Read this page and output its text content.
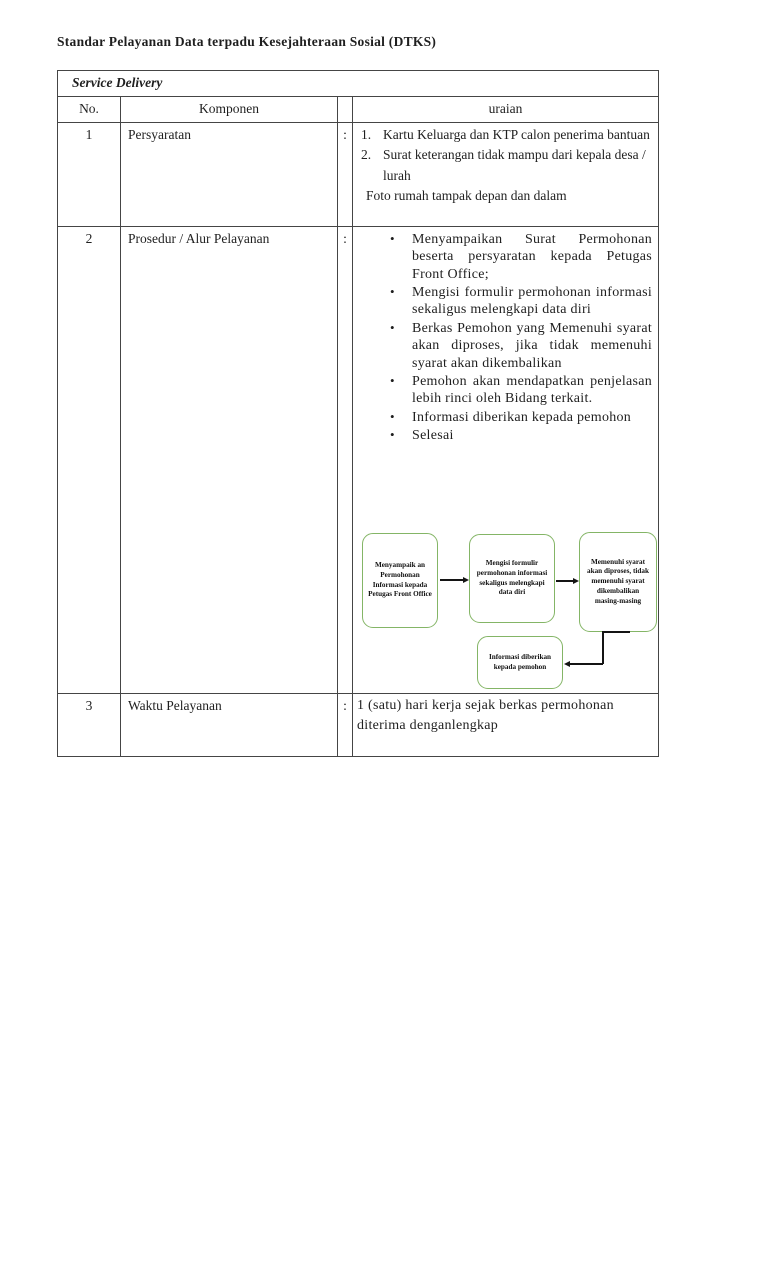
Standar Pelayanan Data terpadu Kesejahteraan Sosial (DTKS)
Service Delivery			
No.	Komponen		uraian
1	Persyaratan	:	1. Kartu Keluarga dan KTP calon penerima bantuan
2. Surat keterangan tidak mampu dari kepala desa / lurah
Foto rumah tampak depan dan dalam

2	Prosedur / Alur Pelayanan	:	
•Menyampaikan Surat Permohonan beserta persyaratan kepada Petugas Front Office;
• Mengisi formulir permohonan informasi sekaligus melengkapi data diri
• Berkas Pemohon yang Memenuhi syarat akan diproses, jika tidak memenuhi syarat akan dikembalikan
• Pemohon akan mendapatkan penjelasan lebih rinci oleh Bidang terkait.
• Informasi diberikan kepada pemohon
• Selesai
Menyampaik an Permohonan Informasi kepada Petugas Front Office
Mengisi formulir permohonan informasi sekaligus melengkapi data diri
Memenuhi syarat akan diproses, tidak memenuhi syarat dikembalikan masing-masing
Informasi diberikan kepada pemohon

3	Waktu Pelayanan	:	1 (satu) hari kerja sejak berkas permohonan diterima denganlengkap
